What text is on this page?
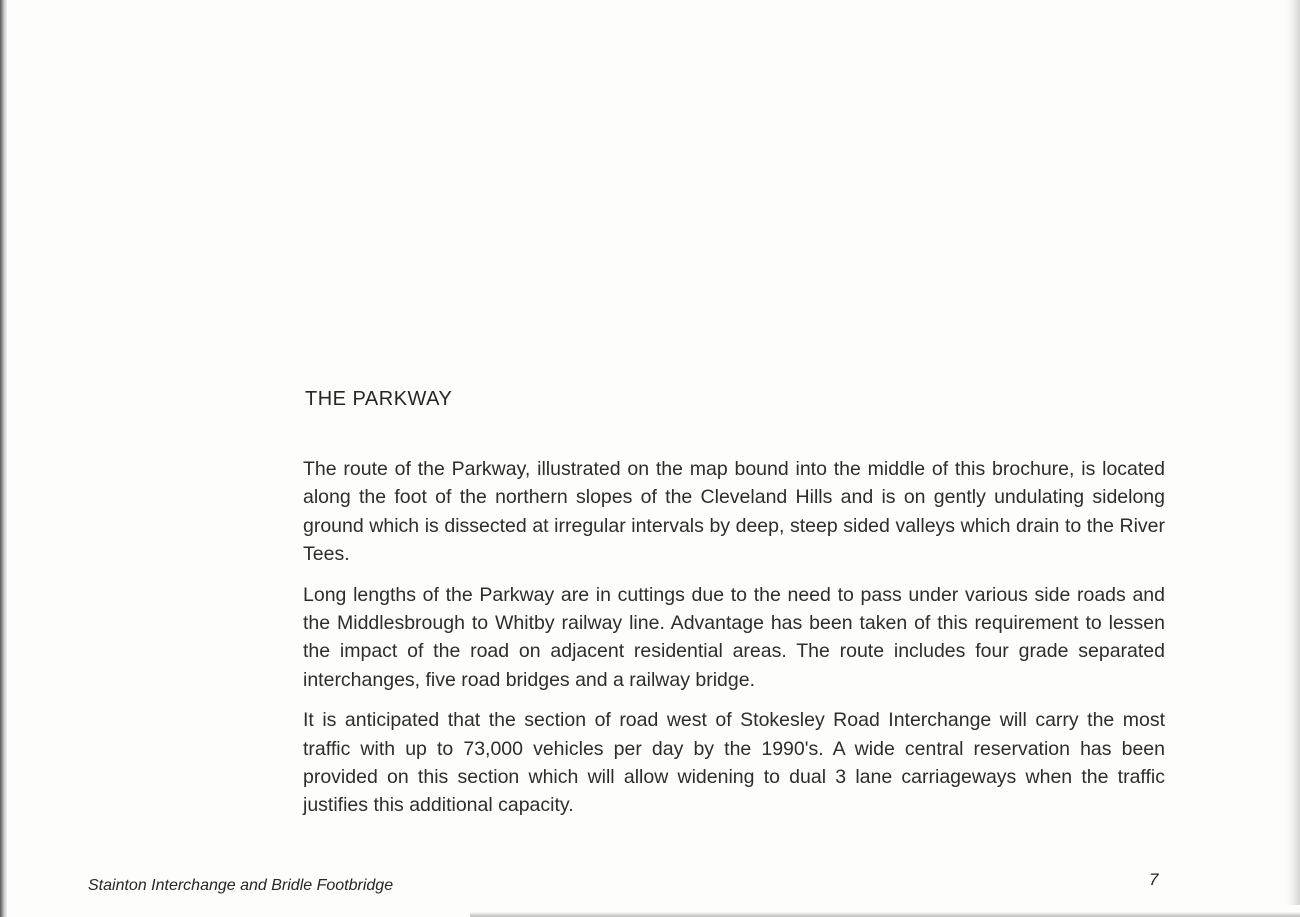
THE PARKWAY

The route of the Parkway, illustrated on the map bound into the middle of this brochure, is located along the foot of the northern slopes of the Cleveland Hills and is on gently undulating sidelong ground which is dissected at irregular intervals by deep, steep sided valleys which drain to the River Tees.

Long lengths of the Parkway are in cuttings due to the need to pass under various side roads and the Middlesbrough to Whitby railway line. Advantage has been taken of this requirement to lessen the impact of the road on adjacent residential areas. The route includes four grade separated interchanges, five road bridges and a railway bridge.

It is anticipated that the section of road west of Stokesley Road Interchange will carry the most traffic with up to 73,000 vehicles per day by the 1990's. A wide central reservation has been provided on this section which will allow widening to dual 3 lane carriageways when the traffic justifies this additional capacity.

Stainton Interchange and Bridle Footbridge	7
